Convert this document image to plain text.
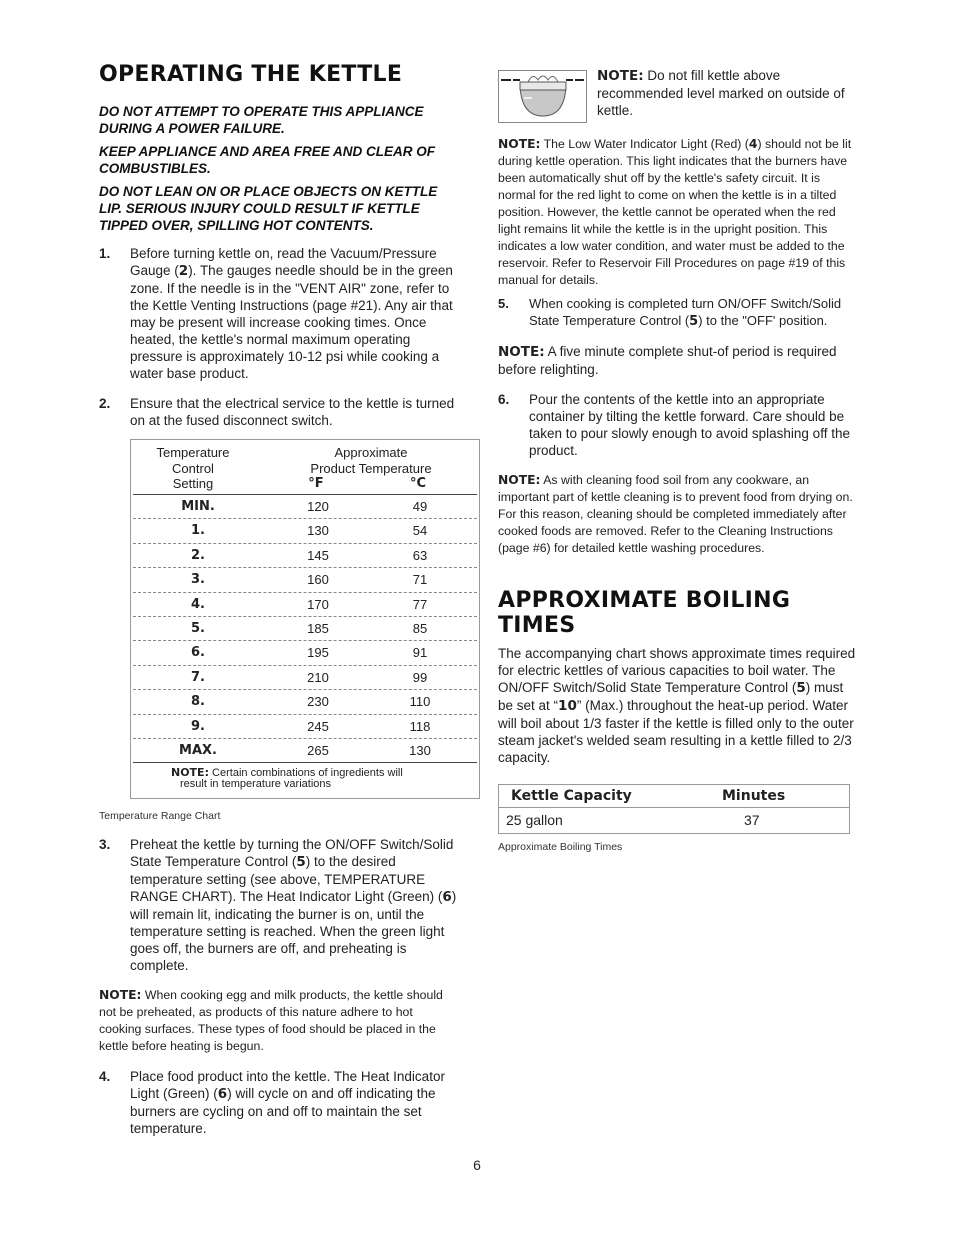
OPERATING THE KETTLE

DO NOT ATTEMPT TO OPERATE THIS APPLIANCE DURING A POWER FAILURE.

KEEP APPLIANCE AND AREA FREE AND CLEAR OF COMBUSTIBLES.

DO NOT LEAN ON OR PLACE OBJECTS ON KETTLE LIP. SERIOUS INJURY COULD RESULT IF KETTLE TIPPED OVER, SPILLING HOT CONTENTS.

1. Before turning kettle on, read the Vacuum/Pressure Gauge (2). The gauges needle should be in the green zone. If the needle is in the "VENT AIR" zone, refer to the Kettle Venting Instructions (page #21). Any air that may be present will increase cooking times. Once heated, the kettle's normal maximum operating pressure is approximately 10-12 psi while cooking a water base product.
2. Ensure that the electrical service to the kettle is turned on at the fused disconnect switch.
Temperature
Control
Setting
Approximate
Product Temperature
°F	°C
MIN.	120	49
1.	130	54
2.	145	63
3.	160	71
4.	170	77
5.	185	85
6.	195	91
7.	210	99
8.	230	110
9.	245	118
MAX.	265	130
NOTE: Certain combinations of ingredients will
result in temperature variations
Temperature Range Chart
3. Preheat the kettle by turning the ON/OFF Switch/Solid State Temperature Control (5) to the desired temperature setting (see above, TEMPERATURE RANGE CHART). The Heat Indicator Light (Green) (6) will remain lit, indicating the burner is on, until the temperature setting is reached. When the green light goes off, the burners are off, and preheating is complete.

NOTE: When cooking egg and milk products, the kettle should not be preheated, as products of this nature adhere to hot cooking surfaces. These types of food should be placed in the kettle before heating is begun.

4. Place food product into the kettle. The Heat Indicator Light (Green) (6) will cycle on and off indicating the burners are cycling on and off to maintain the set temperature.

NOTE: Do not fill kettle above recommended level marked on outside of kettle.

NOTE: The Low Water Indicator Light (Red) (4) should not be lit during kettle operation. This light indicates that the burners have been automatically shut off by the kettle's safety circuit. It is normal for the red light to come on when the kettle is in a tilted position. However, the kettle cannot be operated when the red light remains lit while the kettle is in the upright position. This indicates a low water condition, and water must be added to the reservoir. Refer to Reservoir Fill Procedures on page #19 of this manual for details.

5. When cooking is completed turn ON/OFF Switch/Solid State Temperature Control (5) to the "OFF' position.

NOTE: A five minute complete shut-of period is required before relighting.

6. Pour the contents of the kettle into an appropriate container by tilting the kettle forward. Care should be taken to pour slowly enough to avoid splashing off the product.

NOTE: As with cleaning food soil from any cookware, an important part of kettle cleaning is to prevent food from drying on. For this reason, cleaning should be completed immediately after cooked foods are removed. Refer to the Cleaning Instructions (page #6) for detailed kettle washing procedures.

APPROXIMATE BOILING TIMES

The accompanying chart shows approximate times required for electric kettles of various capacities to boil water. The ON/OFF Switch/Solid State Temperature Control (5) must be set at “10” (Max.) throughout the heat-up period. Water will boil about 1/3 faster if the kettle is filled only to the outer steam jacket's welded seam resulting in a kettle filled to 2/3 capacity.

Kettle Capacity	Minutes
25 gallon	37
Approximate Boiling Times
6
